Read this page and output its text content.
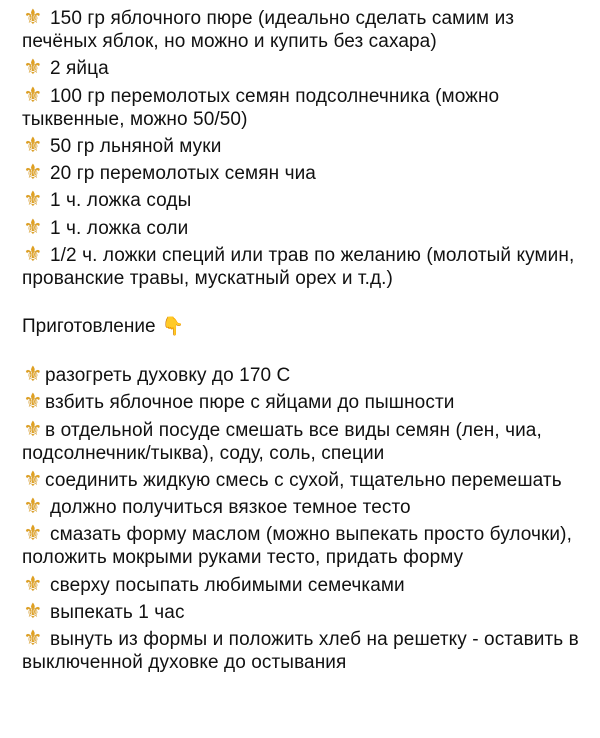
⚜ 150 гр яблочного пюре (идеально сделать самим из печёных яблок, но можно и купить без сахара)
⚜ 2 яйца
⚜ 100 гр перемолотых семян подсолнечника (можно тыквенные, можно 50/50)
⚜ 50 гр льняной муки
⚜ 20 гр перемолотых семян чиа
⚜ 1 ч. ложка соды
⚜ 1 ч. ложка соли
⚜ 1/2 ч. ложки специй или трав по желанию (молотый кумин, прованские травы, мускатный орех и т.д.)
Приготовление 👇
⚜ разогреть духовку до 170 С
⚜ взбить яблочное пюре с яйцами до пышности
⚜ в отдельной посуде смешать все виды семян (лен, чиа, подсолнечник/тыква), соду, соль, специи
⚜ соединить жидкую смесь с сухой, тщательно перемешать
⚜ должно получиться вязкое темное тесто
⚜ смазать форму маслом (можно выпекать просто булочки), положить мокрыми руками тесто, придать форму
⚜ сверху посыпать любимыми семечками
⚜ выпекать 1 час
⚜ вынуть из формы и положить хлеб на решетку - оставить в выключенной духовке до остывания
